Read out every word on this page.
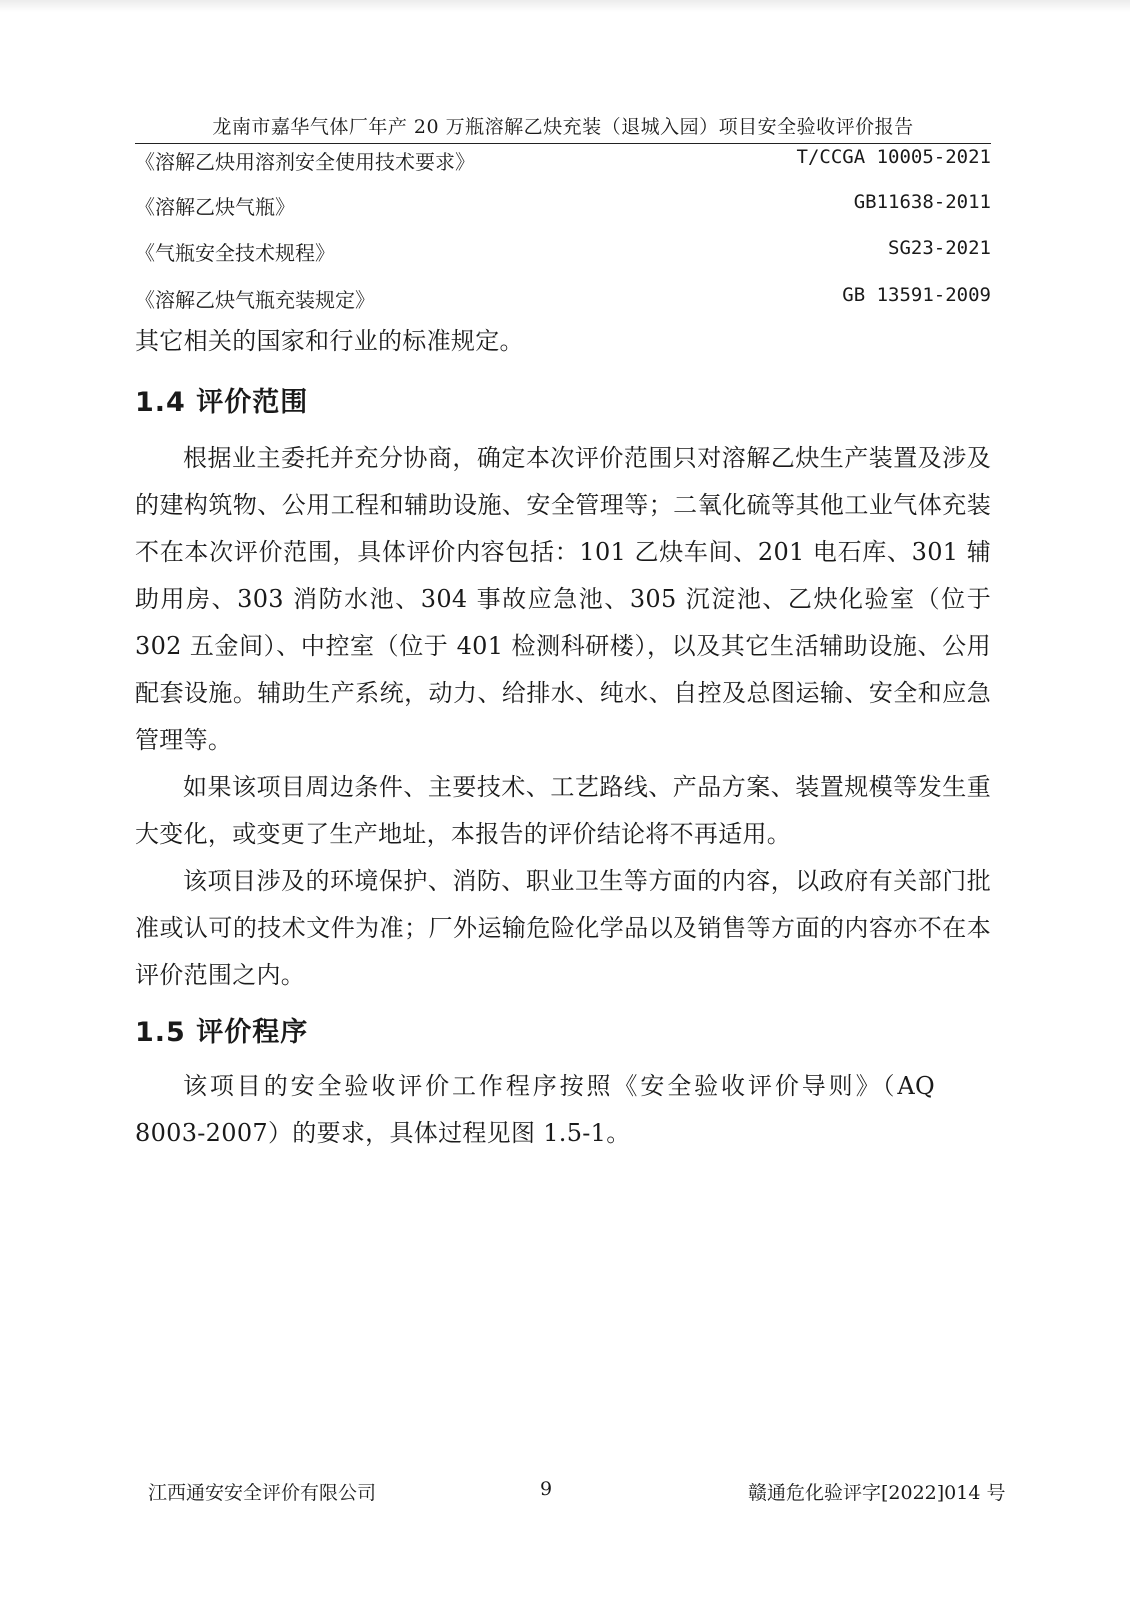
龙南市嘉华气体厂年产 20 万瓶溶解乙炔充装（退城入园）项目安全验收评价报告
《溶解乙炔用溶剂安全使用技术要求》	T/CCGA 10005-2021
《溶解乙炔气瓶》	GB11638-2011
《气瓶安全技术规程》	SG23-2021
《溶解乙炔气瓶充装规定》	GB 13591-2009

其它相关的国家和行业的标准规定。

1.4 评价范围

根据业主委托并充分协商，确定本次评价范围只对溶解乙炔生产装置及涉及的建构筑物、公用工程和辅助设施、安全管理等；二氧化硫等其他工业气体充装不在本次评价范围，具体评价内容包括：101 乙炔车间、201 电石库、301 辅助用房、303 消防水池、304 事故应急池、305 沉淀池、乙炔化验室（位于 302 五金间）、中控室（位于 401 检测科研楼），以及其它生活辅助设施、公用配套设施。辅助生产系统，动力、给排水、纯水、自控及总图运输、安全和应急管理等。

如果该项目周边条件、主要技术、工艺路线、产品方案、装置规模等发生重大变化，或变更了生产地址，本报告的评价结论将不再适用。

该项目涉及的环境保护、消防、职业卫生等方面的内容，以政府有关部门批准或认可的技术文件为准；厂外运输危险化学品以及销售等方面的内容亦不在本评价范围之内。

1.5 评价程序

该项目的安全验收评价工作程序按照《安全验收评价导则》（AQ 8003-2007）的要求，具体过程见图 1.5-1。

江西通安安全评价有限公司	9	赣通危化验评字[2022]014 号
